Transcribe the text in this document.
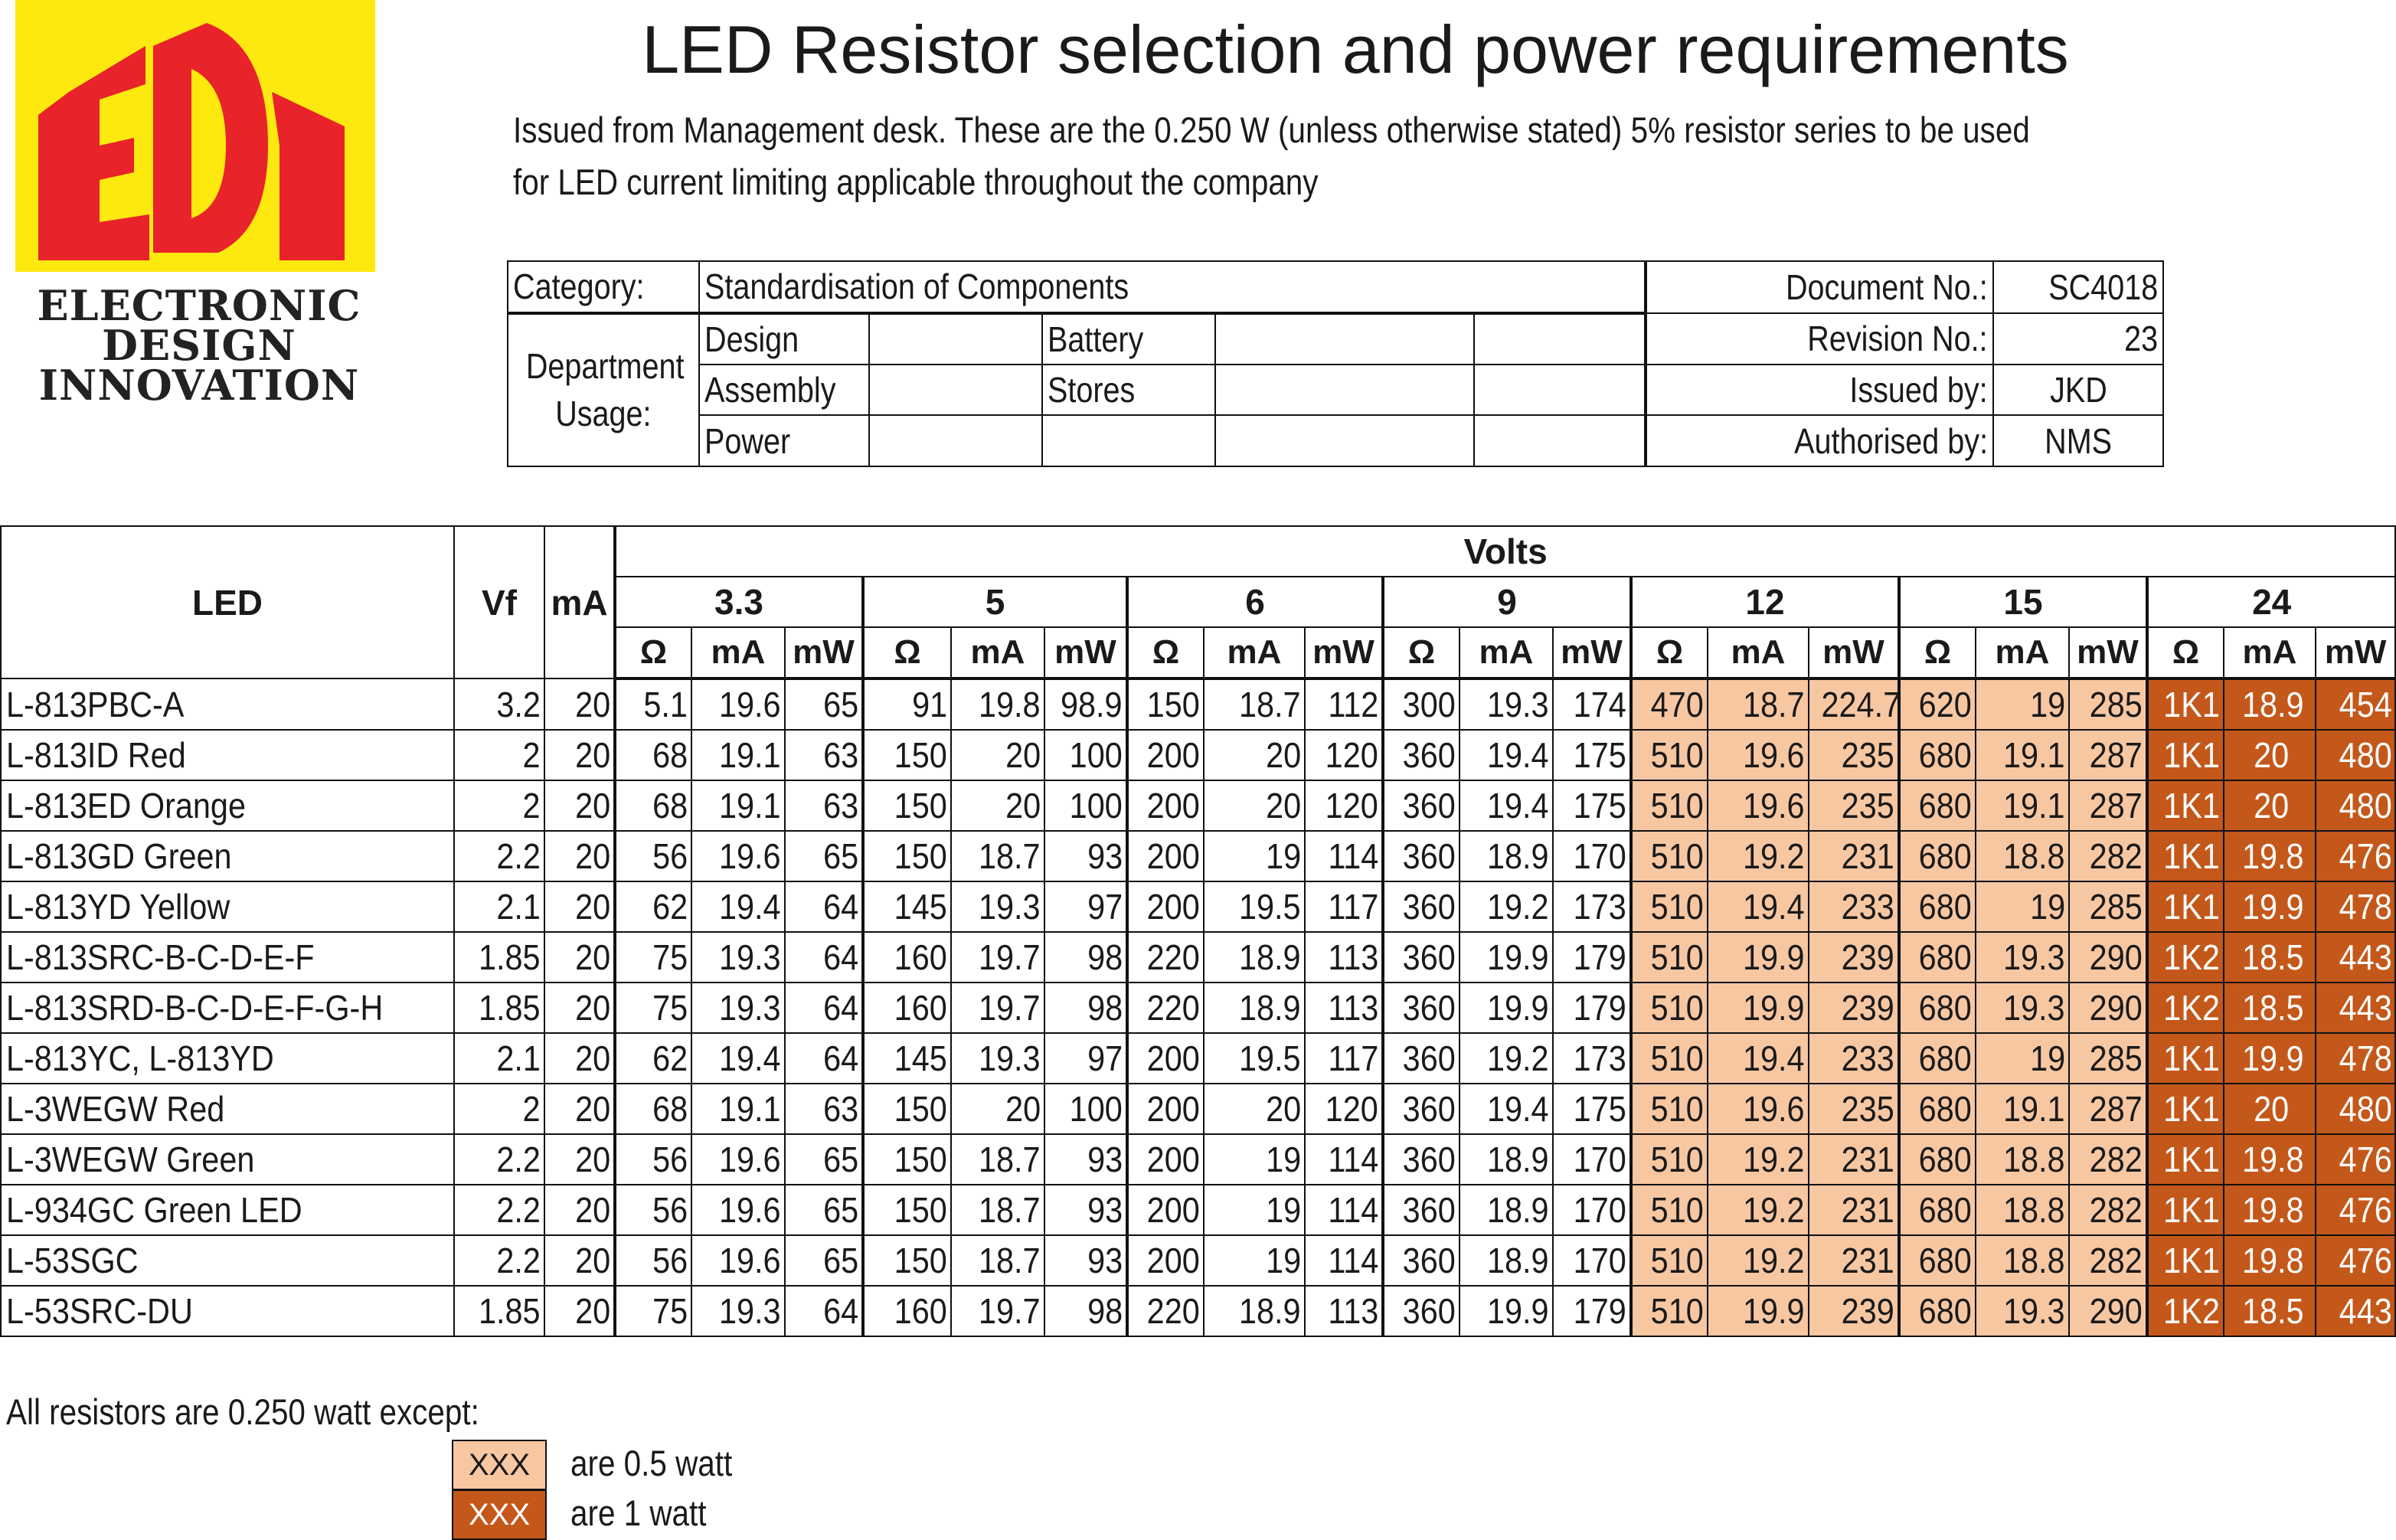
ELECTRONIC
DESIGN
INNOVATION
LED Resistor selection and power requirements
Issued from Management desk. These are the 0.250 W (unless otherwise stated) 5% resistor series to be used
for LED current limiting applicable throughout the company
Category:	Standardisation of Components					Document No.:	SC4018
Department
Usage:	Design		Battery			Revision No.:	23
	Assembly		Stores			Issued by:	JKD
	Power					Authorised by:	NMS
LED	Vf	mA	Volts																				
			3.3			5			6			9			12			15			24		
			Ω	mA	mW	Ω	mA	mW	Ω	mA	mW	Ω	mA	mW	Ω	mA	mW	Ω	mA	mW	Ω	mA	mW
L-813PBC-A	3.2	20	5.1	19.6	65	91	19.8	98.9	150	18.7	112	300	19.3	174	470	18.7	224.7	620	19	285	1K1	18.9	454
L-813ID Red	2	20	68	19.1	63	150	20	100	200	20	120	360	19.4	175	510	19.6	235	680	19.1	287	1K1	20	480
L-813ED Orange	2	20	68	19.1	63	150	20	100	200	20	120	360	19.4	175	510	19.6	235	680	19.1	287	1K1	20	480
L-813GD Green	2.2	20	56	19.6	65	150	18.7	93	200	19	114	360	18.9	170	510	19.2	231	680	18.8	282	1K1	19.8	476
L-813YD Yellow	2.1	20	62	19.4	64	145	19.3	97	200	19.5	117	360	19.2	173	510	19.4	233	680	19	285	1K1	19.9	478
L-813SRC-B-C-D-E-F	1.85	20	75	19.3	64	160	19.7	98	220	18.9	113	360	19.9	179	510	19.9	239	680	19.3	290	1K2	18.5	443
L-813SRD-B-C-D-E-F-G-H	1.85	20	75	19.3	64	160	19.7	98	220	18.9	113	360	19.9	179	510	19.9	239	680	19.3	290	1K2	18.5	443
L-813YC, L-813YD	2.1	20	62	19.4	64	145	19.3	97	200	19.5	117	360	19.2	173	510	19.4	233	680	19	285	1K1	19.9	478
L-3WEGW Red	2	20	68	19.1	63	150	20	100	200	20	120	360	19.4	175	510	19.6	235	680	19.1	287	1K1	20	480
L-3WEGW Green	2.2	20	56	19.6	65	150	18.7	93	200	19	114	360	18.9	170	510	19.2	231	680	18.8	282	1K1	19.8	476
L-934GC Green LED	2.2	20	56	19.6	65	150	18.7	93	200	19	114	360	18.9	170	510	19.2	231	680	18.8	282	1K1	19.8	476
L-53SGC	2.2	20	56	19.6	65	150	18.7	93	200	19	114	360	18.9	170	510	19.2	231	680	18.8	282	1K1	19.8	476
L-53SRC-DU	1.85	20	75	19.3	64	160	19.7	98	220	18.9	113	360	19.9	179	510	19.9	239	680	19.3	290	1K2	18.5	443
All resistors are 0.250 watt except:
XXX	are 0.5 watt
XXX	are 1 watt
